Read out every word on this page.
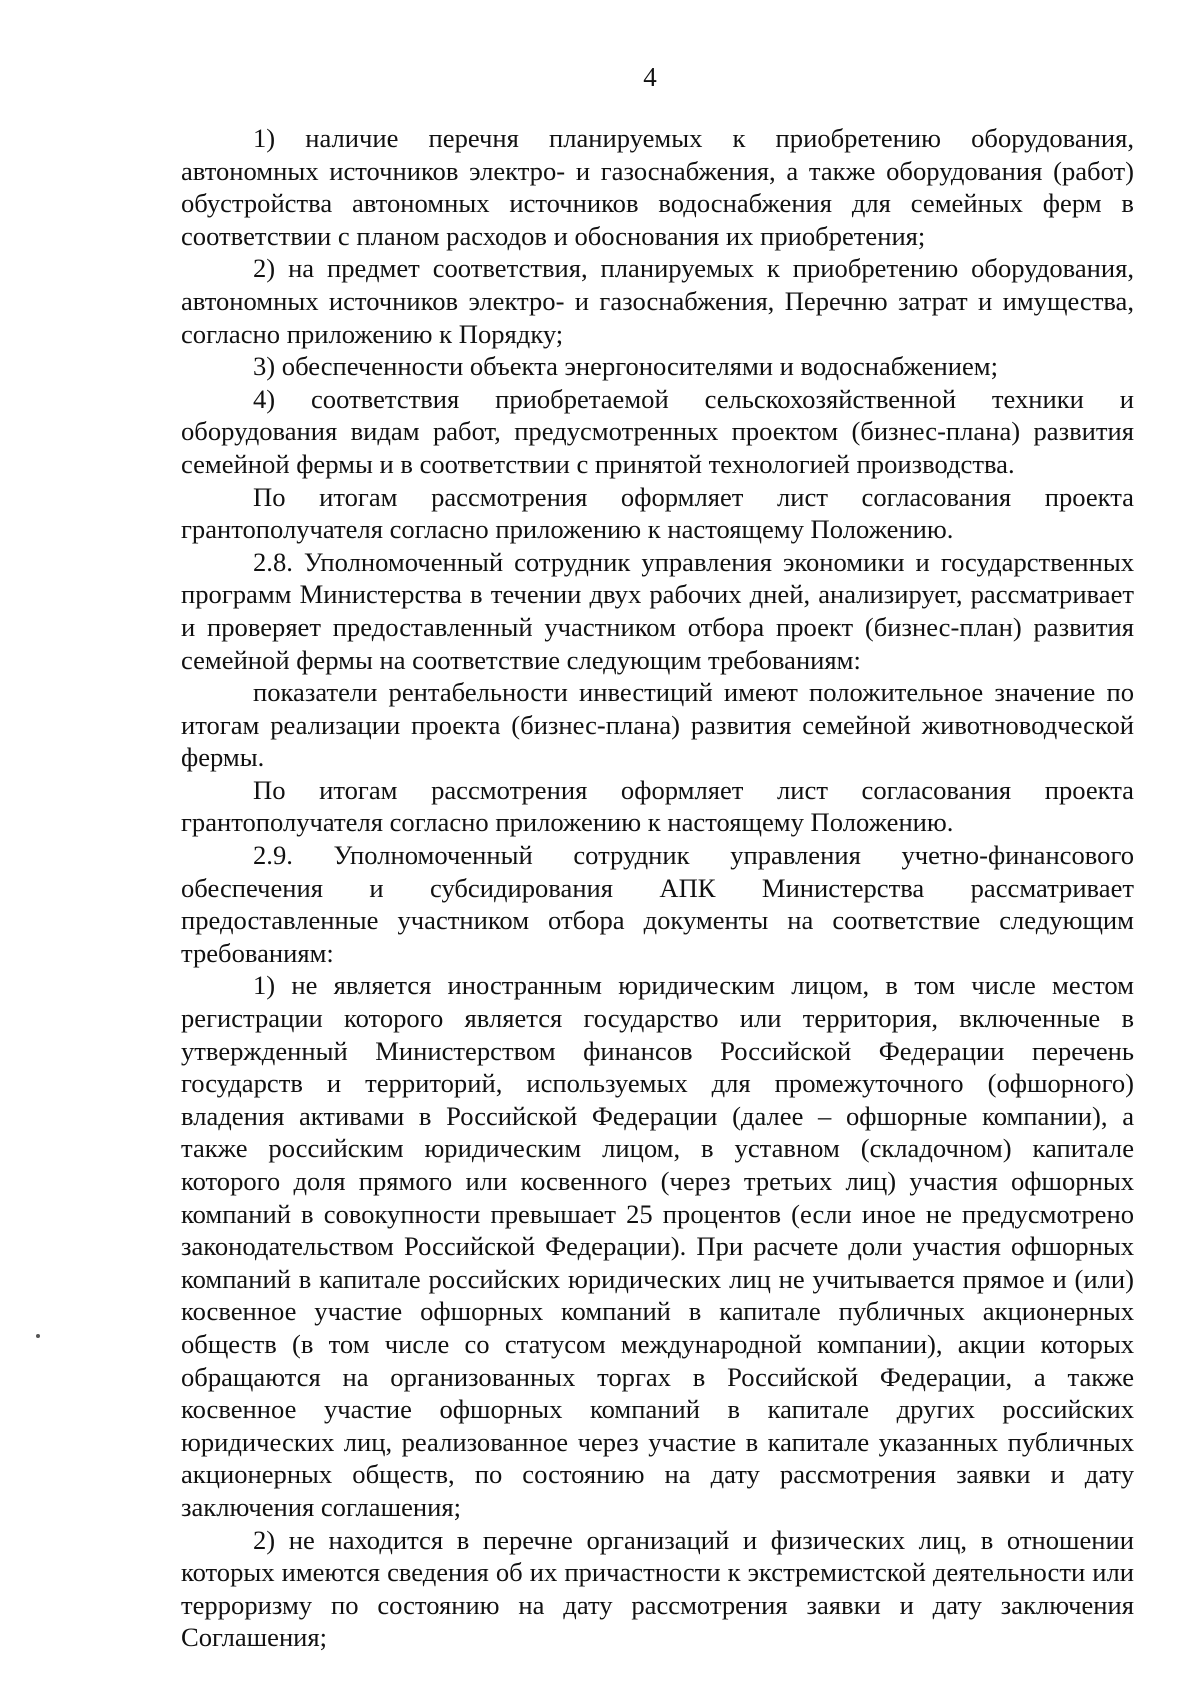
4

1) наличие перечня планируемых к приобретению оборудования, автономных источников электро- и газоснабжения, а также оборудования (работ) обустройства автономных источников водоснабжения для семейных ферм в соответствии с планом расходов и обоснования их приобретения;

2) на предмет соответствия, планируемых к приобретению оборудования, автономных источников электро- и газоснабжения, Перечню затрат и имущества, согласно приложению к Порядку;

3) обеспеченности объекта энергоносителями и водоснабжением;

4) соответствия приобретаемой сельскохозяйственной техники и оборудования видам работ, предусмотренных проектом (бизнес-плана) развития семейной фермы и в соответствии с принятой технологией производства.

По итогам рассмотрения оформляет лист согласования проекта грантополучателя согласно приложению к настоящему Положению.

2.8. Уполномоченный сотрудник управления экономики и государственных программ Министерства в течении двух рабочих дней, анализирует, рассматривает и проверяет предоставленный участником отбора проект (бизнес-план) развития семейной фермы на соответствие следующим требованиям:

показатели рентабельности инвестиций имеют положительное значение по итогам реализации проекта (бизнес-плана) развития семейной животноводческой фермы.

По итогам рассмотрения оформляет лист согласования проекта грантополучателя согласно приложению к настоящему Положению.

2.9. Уполномоченный сотрудник управления учетно-финансового обеспечения и субсидирования АПК Министерства рассматривает предоставленные участником отбора документы на соответствие следующим требованиям:

1) не является иностранным юридическим лицом, в том числе местом регистрации которого является государство или территория, включенные в утвержденный Министерством финансов Российской Федерации перечень государств и территорий, используемых для промежуточного (офшорного) владения активами в Российской Федерации (далее – офшорные компании), а также российским юридическим лицом, в уставном (складочном) капитале которого доля прямого или косвенного (через третьих лиц) участия офшорных компаний в совокупности превышает 25 процентов (если иное не предусмотрено законодательством Российской Федерации). При расчете доли участия офшорных компаний в капитале российских юридических лиц не учитывается прямое и (или) косвенное участие офшорных компаний в капитале публичных акционерных обществ (в том числе со статусом международной компании), акции которых обращаются на организованных торгах в Российской Федерации, а также косвенное участие офшорных компаний в капитале других российских юридических лиц, реализованное через участие в капитале указанных публичных акционерных обществ, по состоянию на дату рассмотрения заявки и дату заключения соглашения;

2) не находится в перечне организаций и физических лиц, в отношении которых имеются сведения об их причастности к экстремистской деятельности или терроризму по состоянию на дату рассмотрения заявки и дату заключения Соглашения;
